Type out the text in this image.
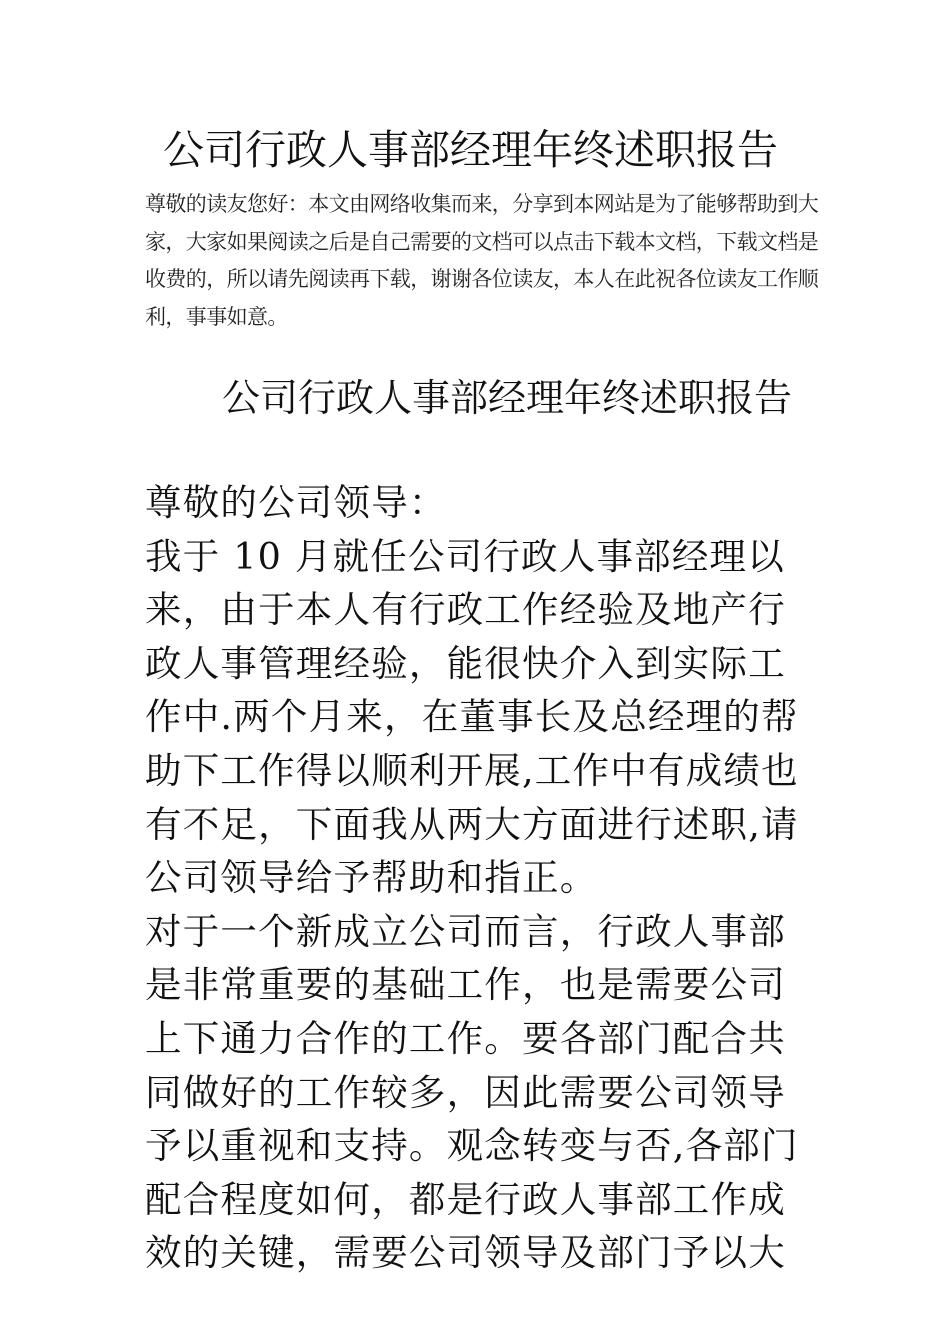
公司行政人事部经理年终述职报告
尊敬的读友您好：本文由网络收集而来，分享到本网站是为了能够帮助到大
家，大家如果阅读之后是自己需要的文档可以点击下载本文档，下载文档是
收费的，所以请先阅读再下载，谢谢各位读友，本人在此祝各位读友工作顺
利，事事如意。
公司行政人事部经理年终述职报告
尊敬的公司领导：
我于 10 月就任公司行政人事部经理以
来，由于本人有行政工作经验及地产行
政人事管理经验，能很快介入到实际工
作中.两个月来，在董事长及总经理的帮
助下工作得以顺利开展,工作中有成绩也
有不足，下面我从两大方面进行述职,请
公司领导给予帮助和指正。
对于一个新成立公司而言，行政人事部
是非常重要的基础工作，也是需要公司
上下通力合作的工作。要各部门配合共
同做好的工作较多，因此需要公司领导
予以重视和支持。观念转变与否,各部门
配合程度如何，都是行政人事部工作成
效的关键，需要公司领导及部门予以大
